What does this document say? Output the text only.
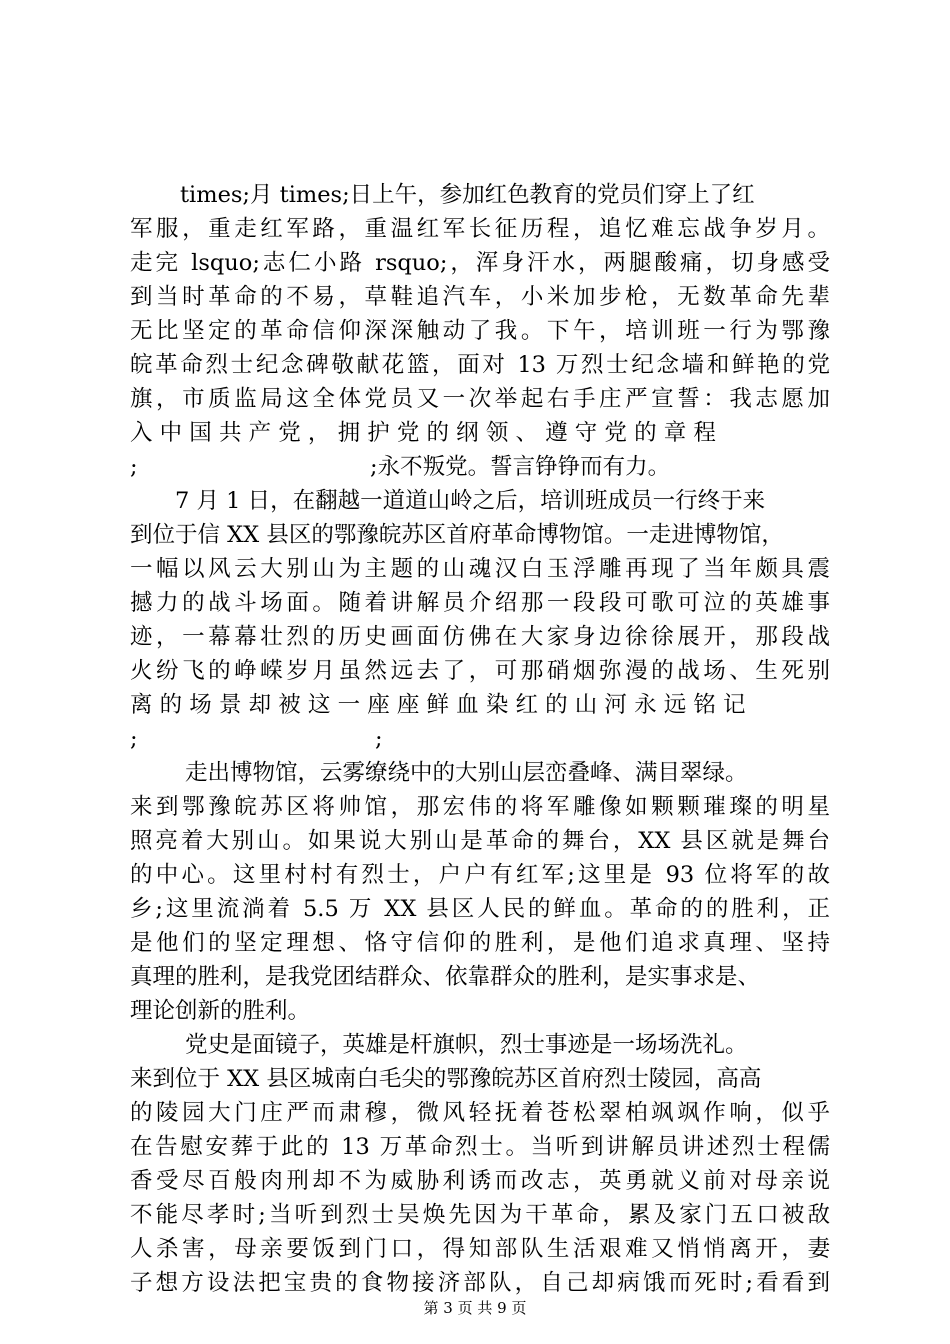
times;月 times;日上午，参加红色教育的党员们穿上了红
军服，重走红军路，重温红军长征历程，追忆难忘战争岁月。
走完 lsquo;志仁小路 rsquo;，浑身汗水，两腿酸痛，切身感受
到当时革命的不易，草鞋追汽车，小米加步枪，无数革命先辈
无比坚定的革命信仰深深触动了我。下午，培训班一行为鄂豫
皖革命烈士纪念碑敬献花篮，面对 13 万烈士纪念墙和鲜艳的党
旗，市质监局这全体党员又一次举起右手庄严宣誓：我志愿加
入 中 国 共 产 党 ， 拥 护 党 的 纲 领 、 遵 守 党 的 章 程
;	;永不叛党。誓言铮铮而有力。
7 月 1 日，在翻越一道道山岭之后，培训班成员一行终于来
到位于信 XX 县区的鄂豫皖苏区首府革命博物馆。一走进博物馆，
一幅以风云大别山为主题的山魂汉白玉浮雕再现了当年颇具震
撼力的战斗场面。随着讲解员介绍那一段段可歌可泣的英雄事
迹，一幕幕壮烈的历史画面仿佛在大家身边徐徐展开，那段战
火纷飞的峥嵘岁月虽然远去了，可那硝烟弥漫的战场、生死别
离 的 场 景 却 被 这 一 座 座 鲜 血 染 红 的 山 河 永 远 铭 记
;	;
走出博物馆，云雾缭绕中的大别山层峦叠峰、满目翠绿。
来到鄂豫皖苏区将帅馆，那宏伟的将军雕像如颗颗璀璨的明星
照亮着大别山。如果说大别山是革命的舞台，XX 县区就是舞台
的中心。这里村村有烈士，户户有红军;这里是 93 位将军的故
乡;这里流淌着 5.5 万 XX 县区人民的鲜血。革命的的胜利，正
是他们的坚定理想、恪守信仰的胜利，是他们追求真理、坚持
真理的胜利，是我党团结群众、依靠群众的胜利，是实事求是、
理论创新的胜利。
党史是面镜子，英雄是杆旗帜，烈士事迹是一场场洗礼。
来到位于 XX 县区城南白毛尖的鄂豫皖苏区首府烈士陵园，高高
的陵园大门庄严而肃穆，微风轻抚着苍松翠柏飒飒作响，似乎
在告慰安葬于此的 13 万革命烈士。当听到讲解员讲述烈士程儒
香受尽百般肉刑却不为威胁利诱而改志，英勇就义前对母亲说
不能尽孝时;当听到烈士吴焕先因为干革命，累及家门五口被敌
人杀害，母亲要饭到门口，得知部队生活艰难又悄悄离开，妻
子想方设法把宝贵的食物接济部队，自己却病饿而死时;看看到
第 3 页 共 9 页
